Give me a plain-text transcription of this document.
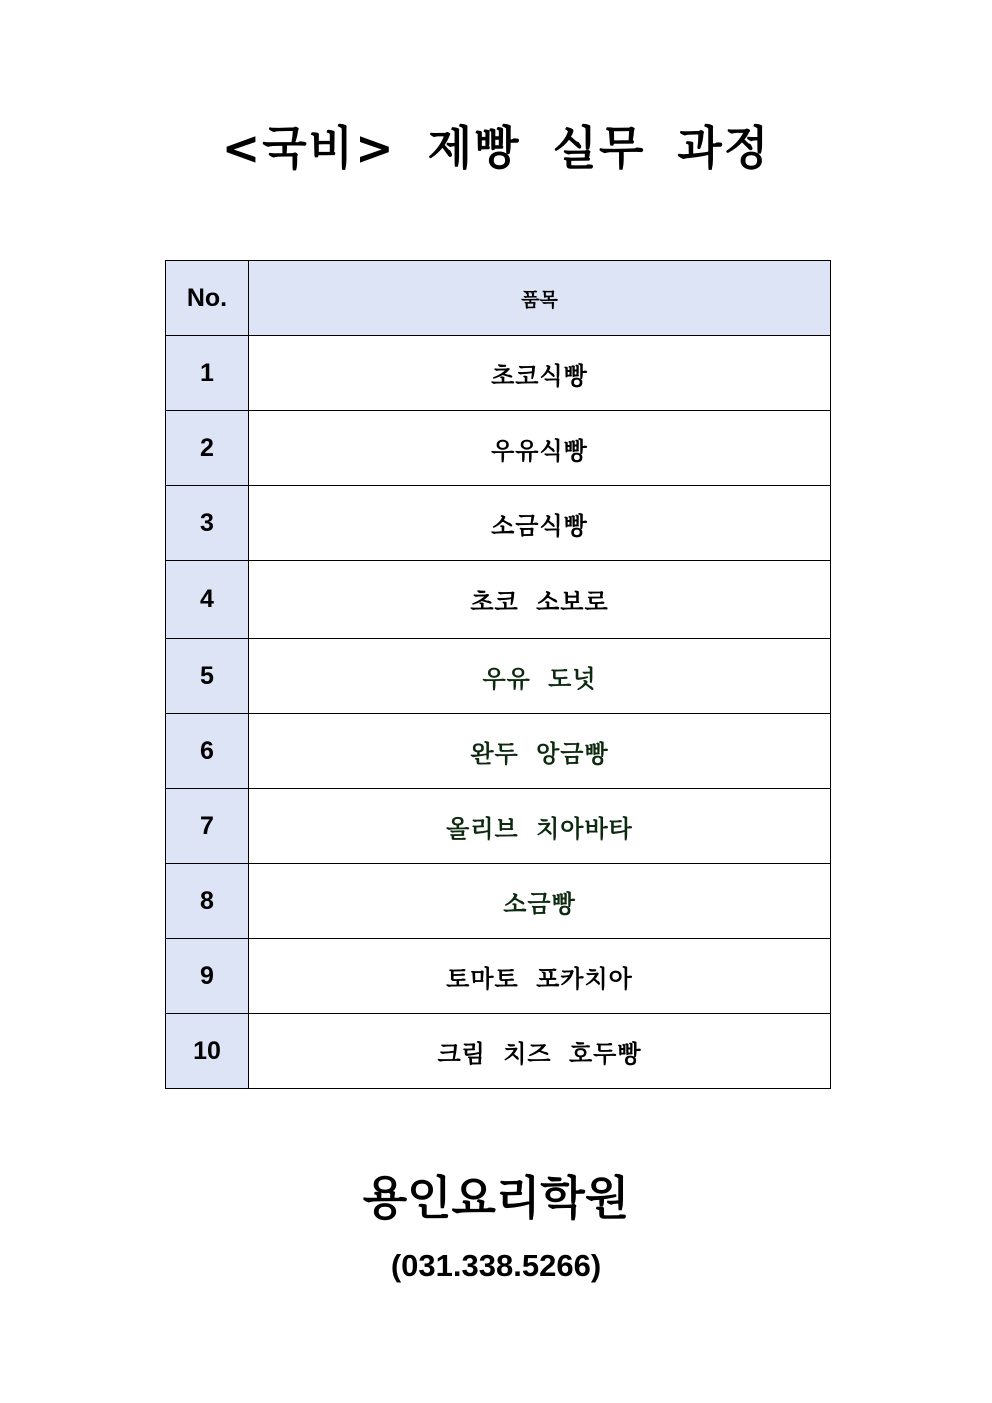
<국비> 제빵 실무 과정
No.	품목
1	초코식빵
2	우유식빵
3	소금식빵
4	초코 소보로
5	우유 도넛
6	완두 앙금빵
7	올리브 치아바타
8	소금빵
9	토마토 포카치아
10	크림 치즈 호두빵
용인요리학원
(031.338.5266)
